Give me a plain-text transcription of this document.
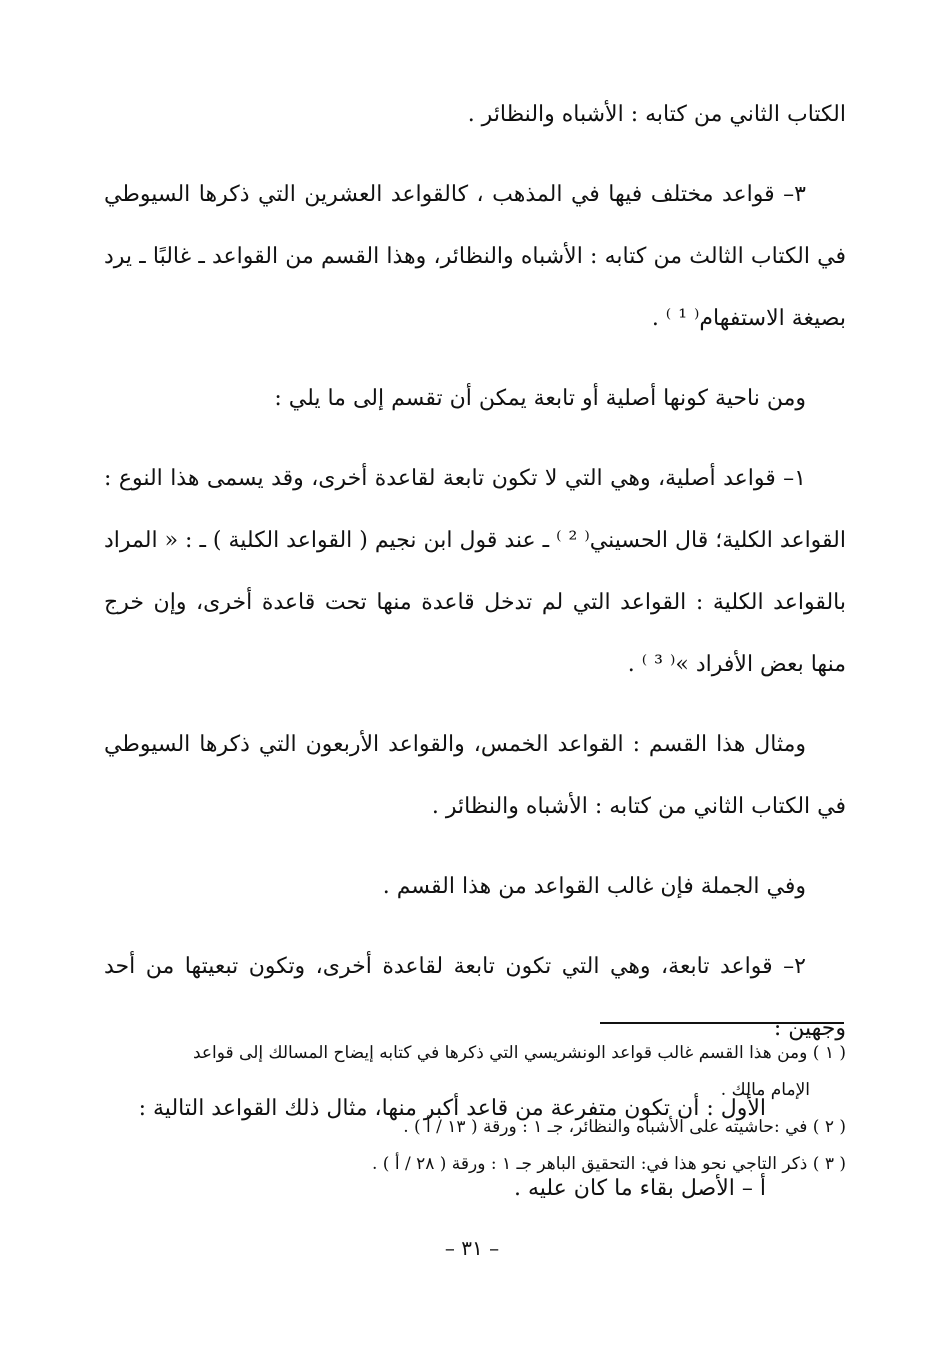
الكتاب الثاني من كتابه : الأشباه والنظائر .

٣– قواعد مختلف فيها في المذهب ، كالقواعد العشرين التي ذكرها السيوطي في الكتاب الثالث من كتابه : الأشباه والنظائر، وهذا القسم من القواعد ـ غالبًا ـ يرد بصيغة الاستفهام⁽ ¹ ⁾ .

ومن ناحية كونها أصلية أو تابعة يمكن أن تقسم إلى ما يلي :

١– قواعد أصلية، وهي التي لا تكون تابعة لقاعدة أخرى، وقد يسمى هذا النوع : القواعد الكلية؛ قال الحسيني⁽ ² ⁾ ـ عند قول ابن نجيم ( القواعد الكلية ) ـ : « المراد بالقواعد الكلية : القواعد التي لم تدخل قاعدة منها تحت قاعدة أخرى، وإن خرج منها بعض الأفراد »⁽ ³ ⁾ .

ومثال هذا القسم : القواعد الخمس، والقواعد الأربعون التي ذكرها السيوطي في الكتاب الثاني من كتابه : الأشباه والنظائر .

وفي الجملة فإن غالب القواعد من هذا القسم .

٢– قواعد تابعة، وهي التي تكون تابعة لقاعدة أخرى، وتكون تبعيتها من أحد وجهين :

الأول : أن تكون متفرعة من قاعد أكبر منها، مثال ذلك القواعد التالية :

أ – الأصل بقاء ما كان عليه .

( ١ ) ومن هذا القسم غالب قواعد الونشريسي التي ذكرها في كتابه إيضاح المسالك إلى قواعد

الإمام مالك .

( ٢ ) في :حاشيته على الأشباه والنظائر، جـ ١ : ورقة ( ١٣ / أ ) .

( ٣ ) ذكر التاجي نحو هذا في: التحقيق الباهر جـ ١ : ورقة ( ٢٨ / أ ) .

– ٣١ –
